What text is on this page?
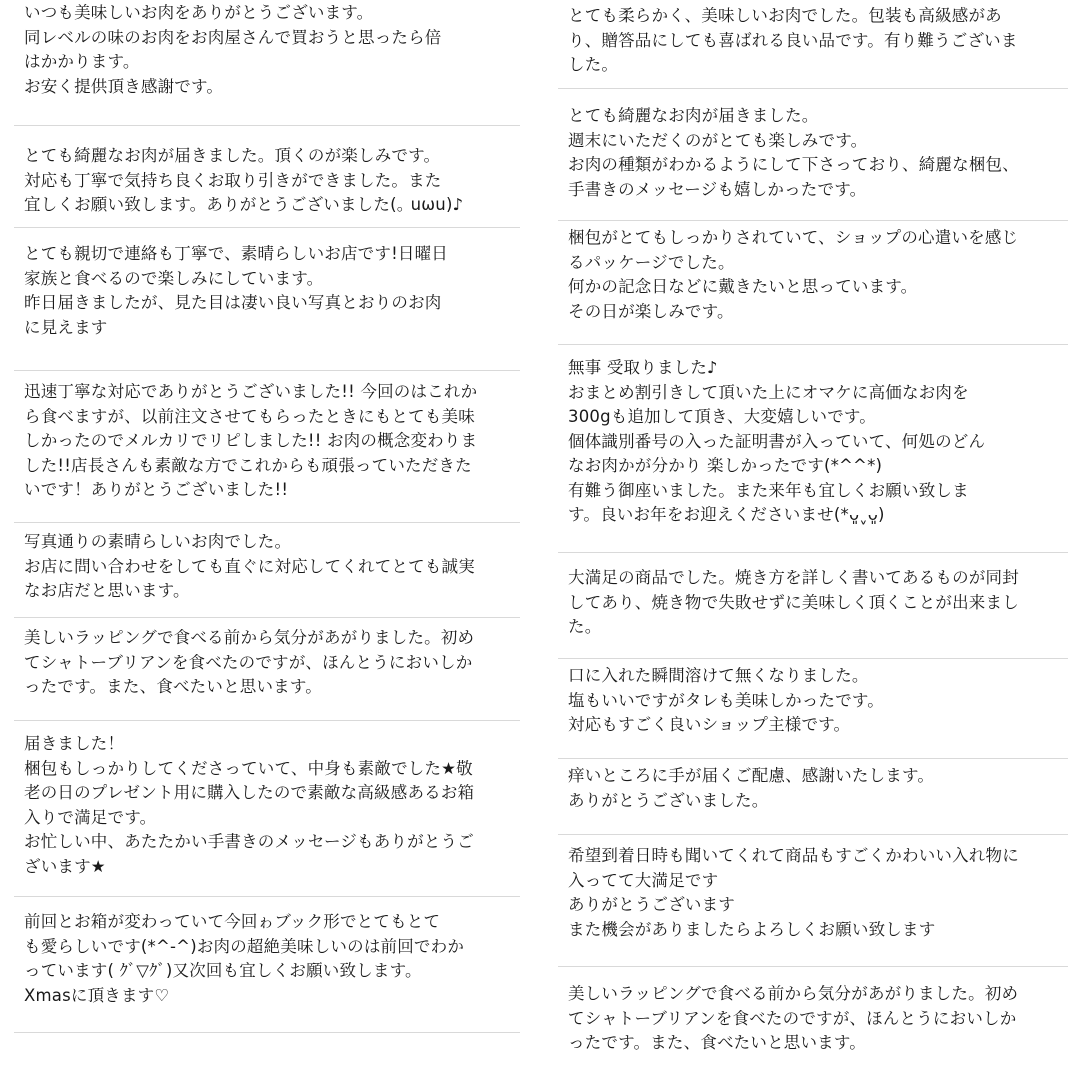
いつも美味しいお肉をありがとうございます。
同レベルの味のお肉をお肉屋さんで買おうと思ったら倍
はかかります。
お安く提供頂き感謝です。

とても綺麗なお肉が届きました。頂くのが楽しみです。
対応も丁寧で気持ち良くお取り引きができました。また
宜しくお願い致します。ありがとうございました(｡ uωu)♪

とても親切で連絡も丁寧で、素晴らしいお店です!日曜日
家族と食べるので楽しみにしています。
昨日届きましたが、見た目は凄い良い写真とおりのお肉
に見えます

迅速丁寧な対応でありがとうございました!! 今回のはこれか
ら食べますが、以前注文させてもらったときにもとても美味
しかったのでメルカリでリピしました!! お肉の概念変わりま
した!!店長さんも素敵な方でこれからも頑張っていただきた
いです！ありがとうございました!!

写真通りの素晴らしいお肉でした。
お店に問い合わせをしても直ぐに対応してくれてとても誠実
なお店だと思います。

美しいラッピングで食べる前から気分があがりました。初め
てシャトーブリアンを食べたのですが、ほんとうにおいしか
ったです。また、食べたいと思います。

届きました！
梱包もしっかりしてくださっていて、中身も素敵でした★敬
老の日のプレゼント用に購入したので素敵な高級感あるお箱
入りで満足です。
お忙しい中、あたたかい手書きのメッセージもありがとうご
ざいます★

前回とお箱が変わっていて今回ゎブック形でとてもとて
も愛らしいです(*^-^)お肉の超絶美味しいのは前回でわか
っています( ｸﾞ▽ｸﾞ)又次回も宜しくお願い致します。
Xmasに頂きます♡

とても柔らかく、美味しいお肉でした。包装も高級感があ
り、贈答品にしても喜ばれる良い品です。有り難うございま
した。

とても綺麗なお肉が届きました。
週末にいただくのがとても楽しみです。
お肉の種類がわかるようにして下さっており、綺麗な梱包、
手書きのメッセージも嬉しかったです。

梱包がとてもしっかりされていて、ショップの心遣いを感じ
るパッケージでした。
何かの記念日などに戴きたいと思っています。
その日が楽しみです。

無事 受取りました♪
おまとめ割引きして頂いた上にオマケに高価なお肉を
300gも追加して頂き、大変嬉しいです。
個体識別番号の入った証明書が入っていて、何処のどん
なお肉かが分かり 楽しかったです(*^^*)
有難う御座いました。また来年も宜しくお願い致しま
す。良いお年をお迎えくださいませ(*ᴗ͈ˬᴗ͈)

大満足の商品でした。焼き方を詳しく書いてあるものが同封
してあり、焼き物で失敗せずに美味しく頂くことが出来まし
た。

口に入れた瞬間溶けて無くなりました。
塩もいいですがタレも美味しかったです。
対応もすごく良いショップ主様です。

痒いところに手が届くご配慮、感謝いたします。
ありがとうございました。

希望到着日時も聞いてくれて商品もすごくかわいい入れ物に
入ってて大満足です
ありがとうございます
また機会がありましたらよろしくお願い致します

美しいラッピングで食べる前から気分があがりました。初め
てシャトーブリアンを食べたのですが、ほんとうにおいしか
ったです。また、食べたいと思います。
